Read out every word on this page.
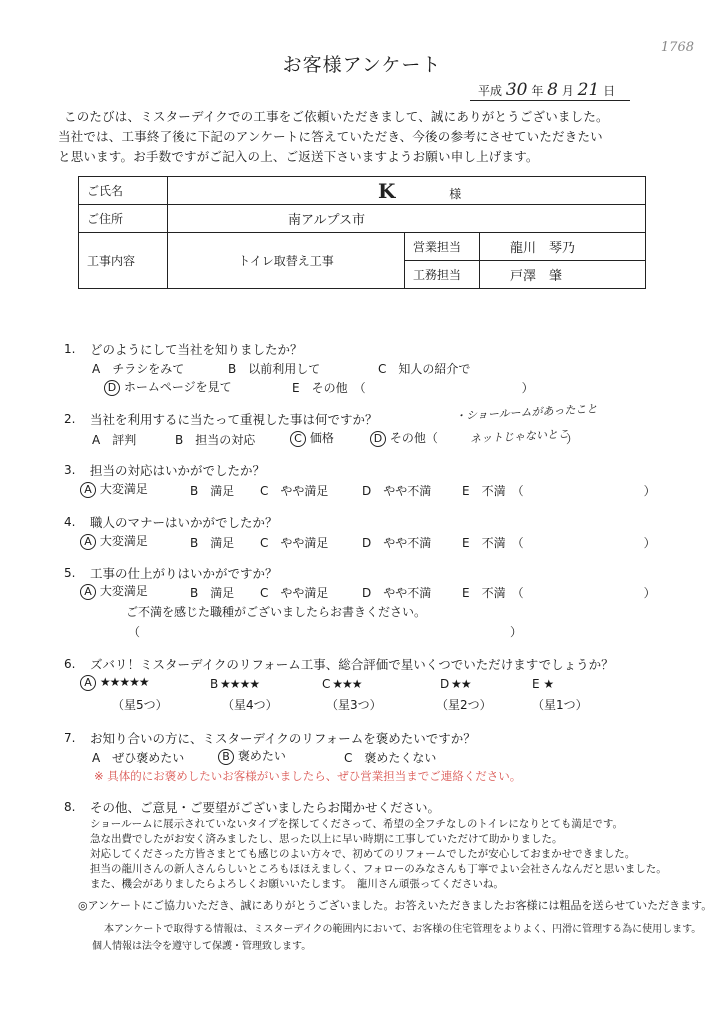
お客様アンケート
1768
平成 30 年 8 月 21 日
このたびは、ミスターデイクでの工事をご依頼いただきまして、誠にありがとうございました。
当社では、工事終了後に下記のアンケートに答えていただき、今後の参考にさせていただきたい
と思います。お手数ですがご記入の上、ご返送下さいますようお願い申し上げます。
ご氏名	K 様		
ご住所	南アルプス市		
工事内容	トイレ取替え工事	営業担当	龍川　琴乃
		工務担当	戸澤　肇
1. どのようにして当社を知りましたか？
A　チラシをみて	B　以前利用して	C　知人の紹介で
D ホームページを見て	E　その他　（　　　　　　　　　　　　　）
2. 当社を利用するに当たって重視した事は何ですか？
A　評判	B　担当の対応	C 価格	D その他（
・ショールームがあったこと
ネットじゃないとこ
）
3. 担当の対応はいかがでしたか？
A 大変満足	B　満足 C　やや満足	D　やや不満	E　不満　（　　　　　　　　　　）
4. 職人のマナーはいかがでしたか？
A 大変満足	B　満足 C　やや満足	D　やや不満	E　不満　（　　　　　　　　　　）
5. 工事の仕上がりはいかがですか？
A 大変満足	B　満足 C　やや満足	D　やや不満	E　不満　（　　　　　　　　　　）
ご不満を感じた職種がございましたらお書きください。
（	）
6. ズバリ！ミスターデイクのリフォーム工事、総合評価で星いくつでいただけますでしょうか？
A ★★★★★	B ★★★★	C ★★★	D ★★	E ★
（星5つ）	（星4つ）	（星3つ）	（星2つ）	（星1つ）
7. お知り合いの方に、ミスターデイクのリフォームを褒めたいですか？
A　ぜひ褒めたい	B 褒めたい	C　褒めたくない
※ 具体的にお褒めしたいお客様がいましたら、ぜひ営業担当までご連絡ください。
8. その他、ご意見・ご要望がございましたらお聞かせください。
ショールームに展示されていないタイプを探してくださって、希望の全フチなしのトイレになりとても満足です。
急な出費でしたがお安く済みましたし、思った以上に早い時期に工事していただけて助かりました。
対応してくださった方皆さまとても感じのよい方々で、初めてのリフォームでしたが安心しておまかせできました。
担当の龍川さんの新人さんらしいところもほほえましく、フォローのみなさんも丁寧でよい会社さんなんだと思いました。
また、機会がありましたらよろしくお願いいたします。　龍川さん頑張ってくださいね。
◎アンケートにご協力いただき、誠にありがとうございました。お答えいただきましたお客様には粗品を送らせていただきます。
本アンケートで取得する情報は、ミスターデイクの範囲内において、お客様の住宅管理をよりよく、円滑に管理する為に使用します。
個人情報は法令を遵守して保護・管理致します。
